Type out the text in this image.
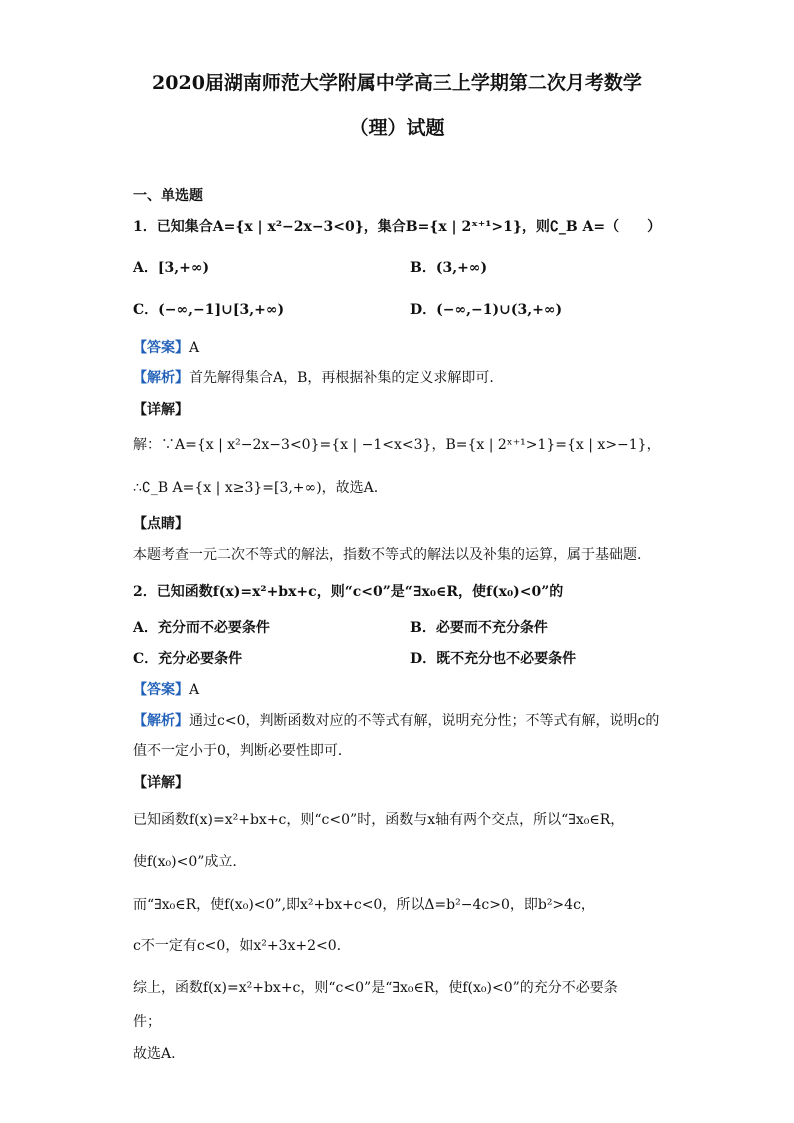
2020届湖南师范大学附属中学高三上学期第二次月考数学
（理）试题
一、单选题
1．已知集合A={x | x²−2x−3<0}，集合B={x | 2ˣ⁺¹>1}，则∁_B A=（　　）
A．[3,+∞)	B．(3,+∞)
C．(−∞,−1]∪[3,+∞)	D．(−∞,−1)∪(3,+∞)
【答案】A
【解析】首先解得集合A，B，再根据补集的定义求解即可.
【详解】
解：∵A={x | x²−2x−3<0}={x | −1<x<3}，B={x | 2ˣ⁺¹>1}={x | x>−1}，
∴∁_B A={x | x≥3}=[3,+∞)，故选A.
【点睛】
本题考查一元二次不等式的解法，指数不等式的解法以及补集的运算，属于基础题.
2．已知函数f(x)=x²+bx+c，则“c<0”是“∃x₀∈R，使f(x₀)<0”的
A．充分而不必要条件	B．必要而不充分条件
C．充分必要条件	D．既不充分也不必要条件
【答案】A
【解析】通过c<0，判断函数对应的不等式有解，说明充分性；不等式有解，说明c的
值不一定小于0，判断必要性即可．
【详解】
已知函数f(x)=x²+bx+c，则“c<0”时，函数与x轴有两个交点，所以“∃x₀∈R，
使f(x₀)<0”成立.
而“∃x₀∈R，使f(x₀)<0”,即x²+bx+c<0，所以Δ=b²−4c>0，即b²>4c，
c不一定有c<0，如x²+3x+2<0.
综上，函数f(x)=x²+bx+c，则“c<0”是“∃x₀∈R，使f(x₀)<0”的充分不必要条
件；
故选A.
